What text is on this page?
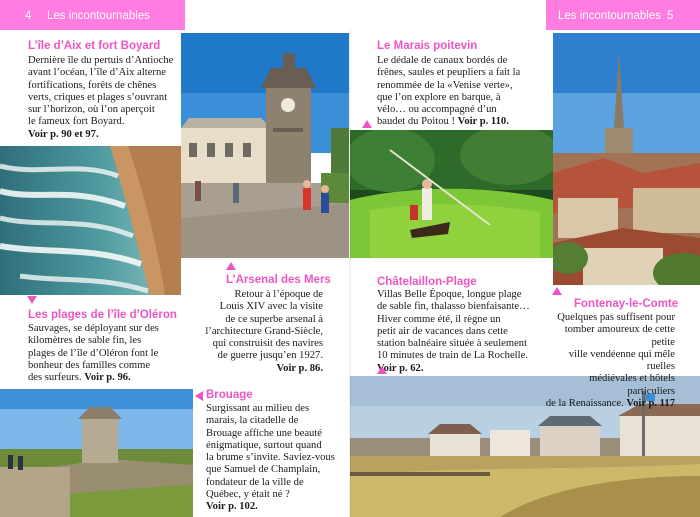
4 Les incontournables	Les incontournables 5
L’île d’Aix et fort Boyard
Dernière île du pertuis d’Antioche
avant l’océan, l’île d’Aix alterne
fortifications, forêts de chênes
verts, criques et plages s’ouvrant
sur l’horizon, où l’on aperçoit
le fameux fort Boyard.
Voir p. 90 et 97.
Les plages de l’île d’Oléron
Sauvages, se déployant sur des
kilomètres de sable fin, les
plages de l’île d’Oléron font le
bonheur des familles comme
des surfeurs. Voir p. 96.
L’Arsenal des Mers
Retour à l’époque de
Louis XIV avec la visite
de ce superbe arsenal à
l’architecture Grand-Siècle,
qui construisit des navires
de guerre jusqu’en 1927.
Voir p. 86.
Brouage
Surgissant au milieu des
marais, la citadelle de
Brouage affiche une beauté
énigmatique, surtout quand
la brume s’invite. Saviez-vous
que Samuel de Champlain,
fondateur de la ville de
Québec, y était né ?
Voir p. 102.
Le Marais poitevin
Le dédale de canaux bordés de
frênes, saules et peupliers a fait la
renommée de la «Venise verte»,
que l’on explore en barque, à
vélo… ou accompagné d’un
baudet du Poitou ! Voir p. 110.
Châtelaillon-Plage
Villas Belle Époque, longue plage
de sable fin, thalasso bienfaisante…
Hiver comme été, il règne un
petit air de vacances dans cette
station balnéaire située à seulement
10 minutes de train de La Rochelle.
Voir p. 62.
Fontenay-le-Comte
Quelques pas suffisent pour
tomber amoureux de cette petite
ville vendéenne qui mêle ruelles
médiévales et hôtels particuliers
de la Renaissance. Voir p. 117
